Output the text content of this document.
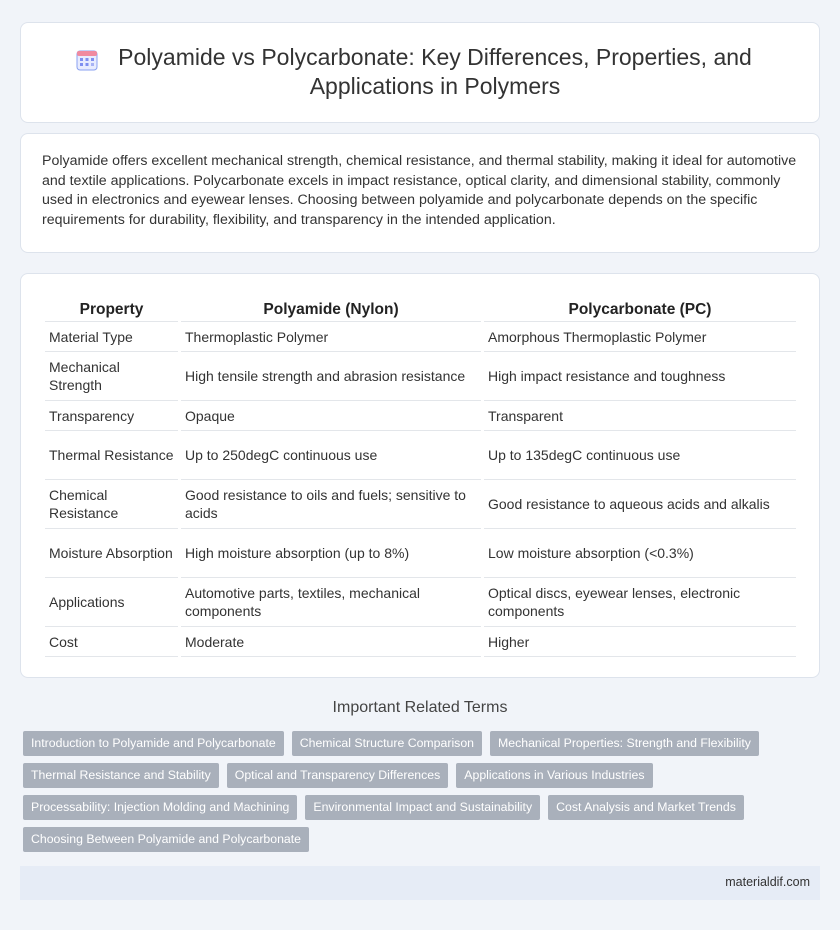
Polyamide vs Polycarbonate: Key Differences, Properties, and Applications in Polymers

Polyamide offers excellent mechanical strength, chemical resistance, and thermal stability, making it ideal for automotive and textile applications. Polycarbonate excels in impact resistance, optical clarity, and dimensional stability, commonly used in electronics and eyewear lenses. Choosing between polyamide and polycarbonate depends on the specific requirements for durability, flexibility, and transparency in the intended application.

Property	Polyamide (Nylon)	Polycarbonate (PC)
Material Type	Thermoplastic Polymer	Amorphous Thermoplastic Polymer
Mechanical Strength	High tensile strength and abrasion resistance	High impact resistance and toughness
Transparency	Opaque	Transparent
Thermal Resistance	Up to 250degC continuous use	Up to 135degC continuous use
Chemical Resistance	Good resistance to oils and fuels; sensitive to acids	Good resistance to aqueous acids and alkalis
Moisture Absorption	High moisture absorption (up to 8%)	Low moisture absorption (<0.3%)
Applications	Automotive parts, textiles, mechanical components	Optical discs, eyewear lenses, electronic components
Cost	Moderate	Higher
Important Related Terms
Introduction to Polyamide and Polycarbonate	Chemical Structure Comparison	Mechanical Properties: Strength and Flexibility
Thermal Resistance and Stability	Optical and Transparency Differences	Applications in Various Industries
Processability: Injection Molding and Machining	Environmental Impact and Sustainability	Cost Analysis and Market Trends
Choosing Between Polyamide and Polycarbonate
materialdif.com
